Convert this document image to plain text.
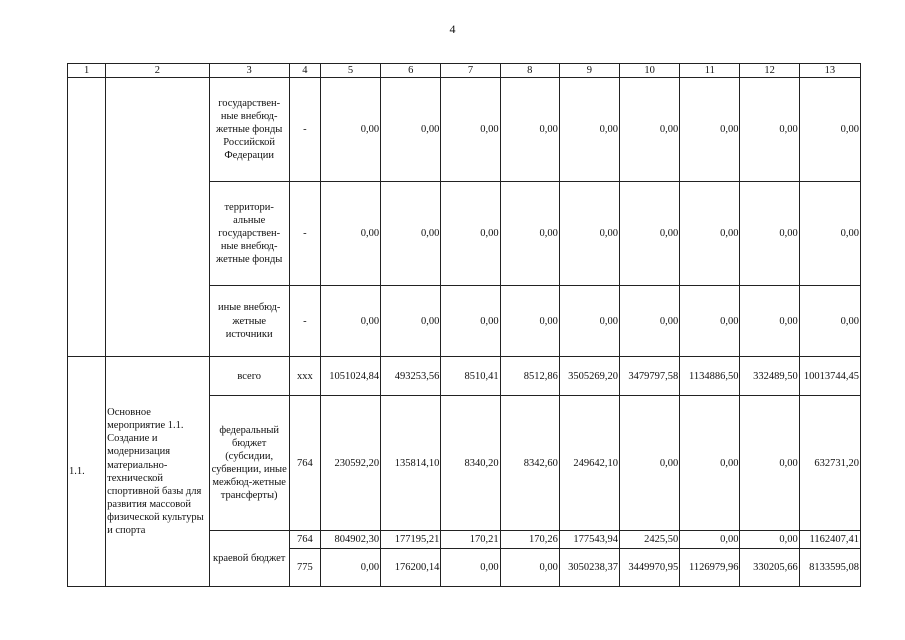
4
1	2	3	4	5	6	7	8	9	10	11	12	13
		государствен-ные внебюд-жетные фонды Российской Федерации	-	0,00	0,00	0,00	0,00	0,00	0,00	0,00	0,00	0,00
		территори-альные государствен-ные внебюд-жетные фонды	-	0,00	0,00	0,00	0,00	0,00	0,00	0,00	0,00	0,00
		иные внебюд-жетные источники	-	0,00	0,00	0,00	0,00	0,00	0,00	0,00	0,00	0,00
1.1.	Основное мероприятие 1.1. Создание и модернизация материально-технической спортивной базы для развития массовой физической культуры и спорта	всего	ххх	1051024,84	493253,56	8510,41	8512,86	3505269,20	3479797,58	1134886,50	332489,50	10013744,45
		федеральный бюджет (субсидии, субвенции, иные межбюд-жетные трансферты)	764	230592,20	135814,10	8340,20	8342,60	249642,10	0,00	0,00	0,00	632731,20
		краевой бюджет	764	804902,30	177195,21	170,21	170,26	177543,94	2425,50	0,00	0,00	1162407,41
			775	0,00	176200,14	0,00	0,00	3050238,37	3449970,95	1126979,96	330205,66	8133595,08
